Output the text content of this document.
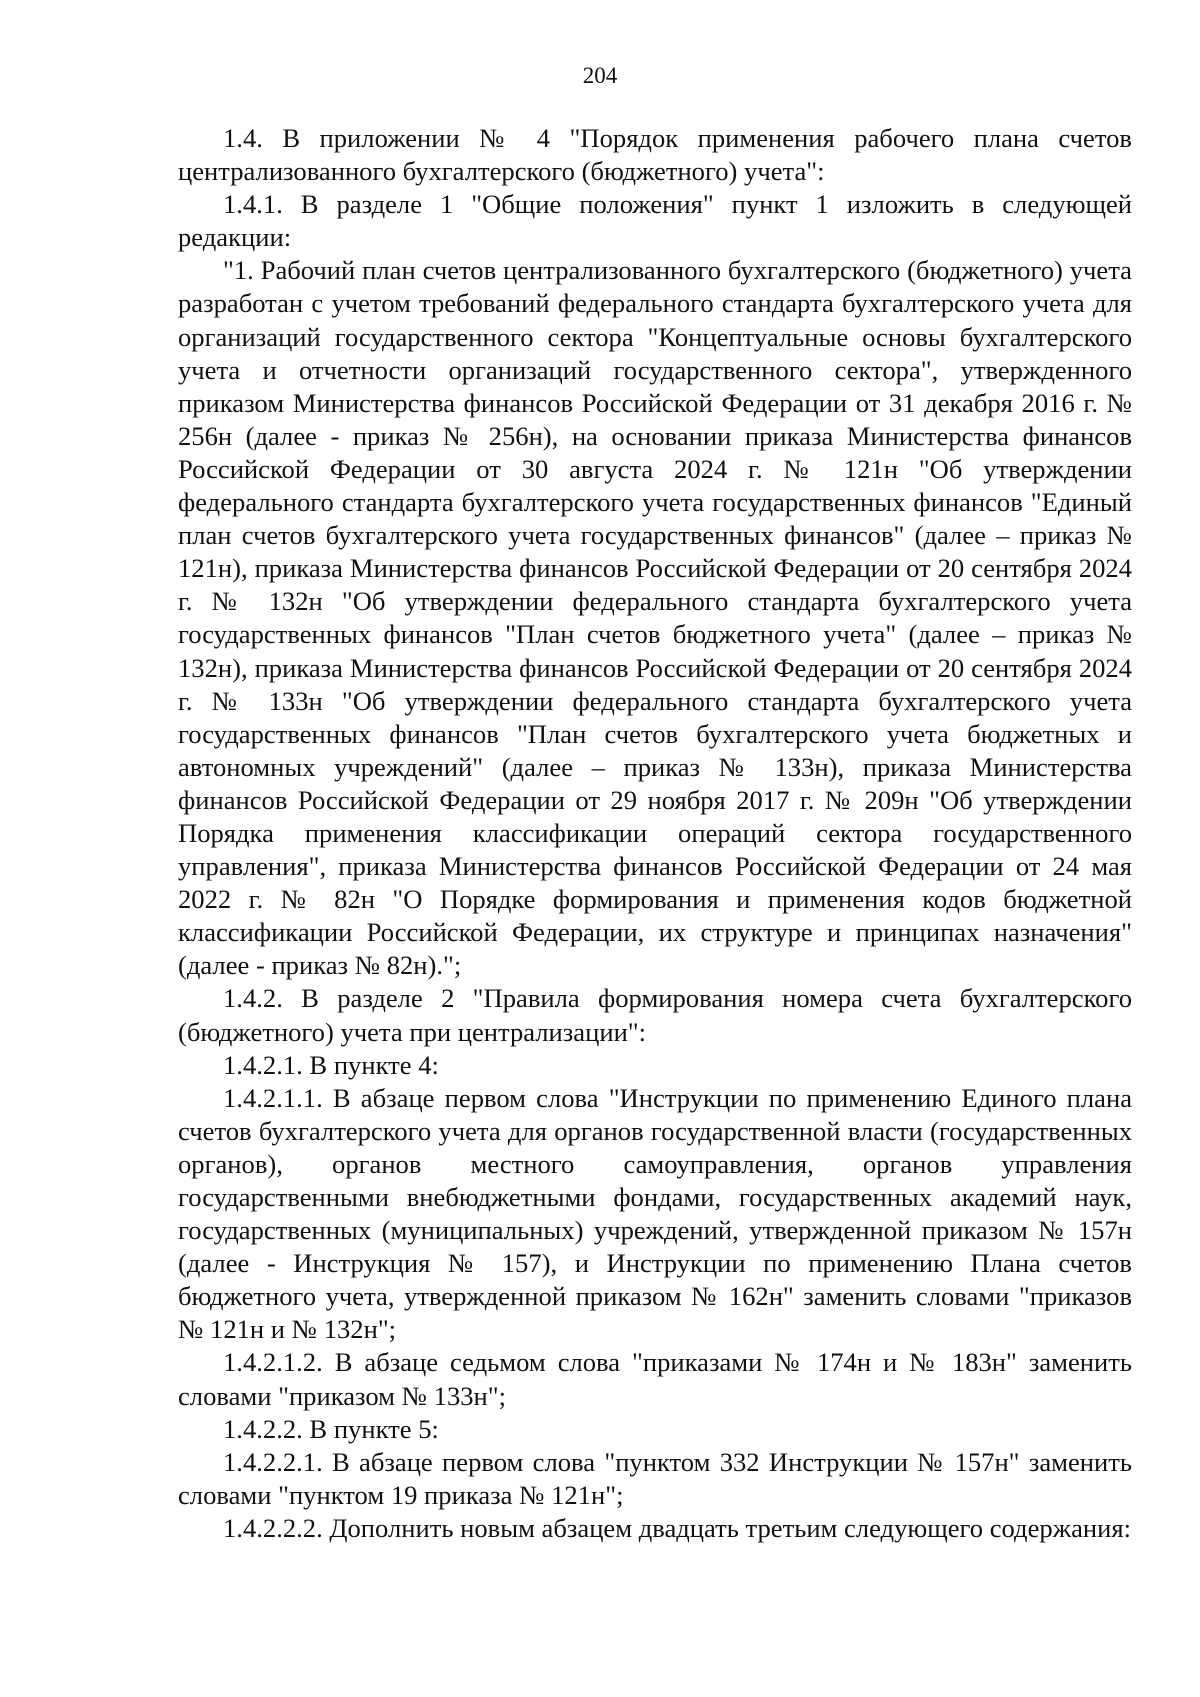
204

1.4. В приложении № 4 "Порядок применения рабочего плана счетов централизованного бухгалтерского (бюджетного) учета":

1.4.1. В разделе 1 "Общие положения" пункт 1 изложить в следующей редакции:

"1. Рабочий план счетов централизованного бухгалтерского (бюджетного) учета разработан с учетом требований федерального стандарта бухгалтерского учета для организаций государственного сектора "Концептуальные основы бухгалтерского учета и отчетности организаций государственного сектора", утвержденного приказом Министерства финансов Российской Федерации от 31 декабря 2016 г. № 256н (далее - приказ № 256н), на основании приказа Министерства финансов Российской Федерации от 30 августа 2024 г. № 121н "Об утверждении федерального стандарта бухгалтерского учета государственных финансов "Единый план счетов бухгалтерского учета государственных финансов" (далее – приказ № 121н), приказа Министерства финансов Российской Федерации от 20 сентября 2024 г. № 132н "Об утверждении федерального стандарта бухгалтерского учета государственных финансов "План счетов бюджетного учета" (далее – приказ № 132н), приказа Министерства финансов Российской Федерации от 20 сентября 2024 г. № 133н "Об утверждении федерального стандарта бухгалтерского учета государственных финансов "План счетов бухгалтерского учета бюджетных и автономных учреждений" (далее – приказ № 133н), приказа Министерства финансов Российской Федерации от 29 ноября 2017 г. № 209н "Об утверждении Порядка применения классификации операций сектора государственного управления", приказа Министерства финансов Российской Федерации от 24 мая 2022 г. № 82н "О Порядке формирования и применения кодов бюджетной классификации Российской Федерации, их структуре и принципах назначения" (далее - приказ № 82н).";

1.4.2. В разделе 2 "Правила формирования номера счета бухгалтерского (бюджетного) учета при централизации":

1.4.2.1. В пункте 4:

1.4.2.1.1. В абзаце первом слова "Инструкции по применению Единого плана счетов бухгалтерского учета для органов государственной власти (государственных органов), органов местного самоуправления, органов управления государственными внебюджетными фондами, государственных академий наук, государственных (муниципальных) учреждений, утвержденной приказом № 157н (далее - Инструкция № 157), и Инструкции по применению Плана счетов бюджетного учета, утвержденной приказом № 162н" заменить словами "приказов № 121н и № 132н";

1.4.2.1.2. В абзаце седьмом слова "приказами № 174н и № 183н" заменить словами "приказом № 133н";

1.4.2.2. В пункте 5:

1.4.2.2.1. В абзаце первом слова "пунктом 332 Инструкции № 157н" заменить словами "пунктом 19 приказа № 121н";

1.4.2.2.2. Дополнить новым абзацем двадцать третьим следующего содержания:
